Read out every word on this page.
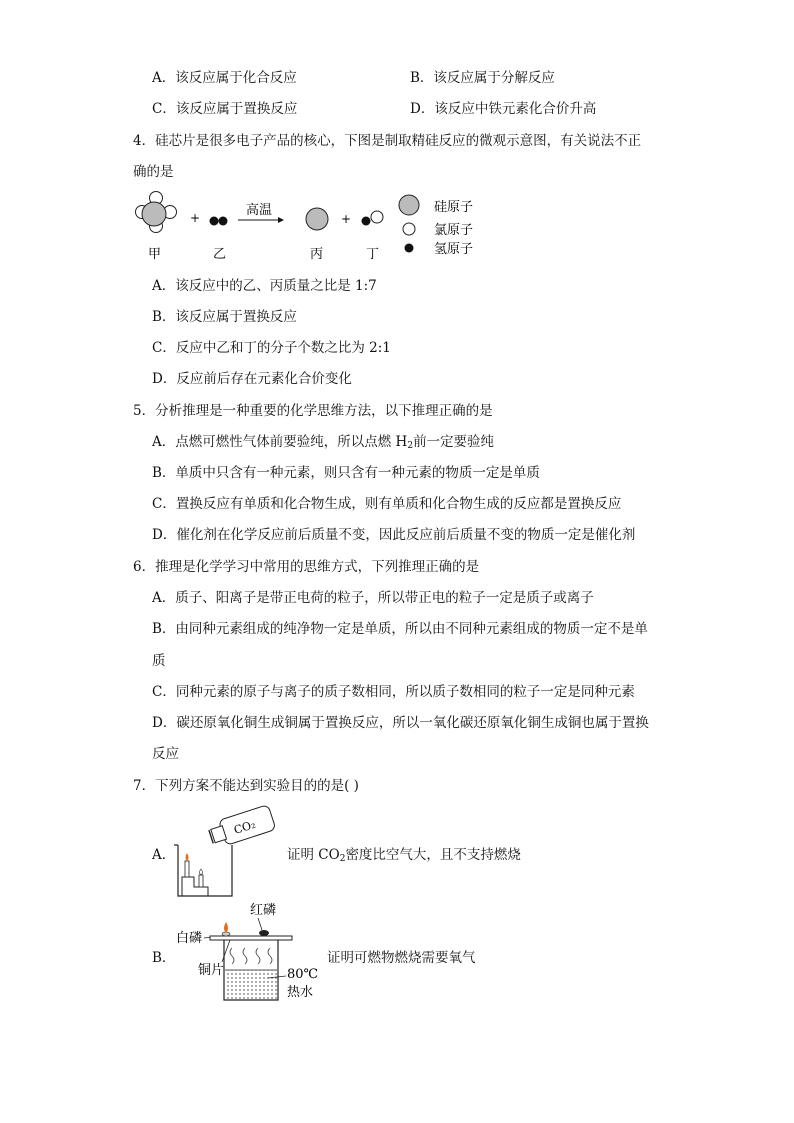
A．该反应属于化合反应	B．该反应属于分解反应
C．该反应属于置换反应	D．该反应中铁元素化合价升高
4．硅芯片是很多电子产品的核心，下图是制取精硅反应的微观示意图，有关说法不正
确的是
+	高温
+
甲	乙	丙	丁
硅原子
氯原子
氢原子
A．该反应中的乙、丙质量之比是 1:7
B．该反应属于置换反应
C．反应中乙和丁的分子个数之比为 2:1
D．反应前后存在元素化合价变化
5．分析推理是一种重要的化学思维方法，以下推理正确的是
A．点燃可燃性气体前要验纯，所以点燃 $H_2$前一定要验纯
B．单质中只含有一种元素，则只含有一种元素的物质一定是单质
C．置换反应有单质和化合物生成，则有单质和化合物生成的反应都是置换反应
D．催化剂在化学反应前后质量不变，因此反应前后质量不变的物质一定是催化剂
6．推理是化学学习中常用的思维方式，下列推理正确的是
A．质子、阳离子是带正电荷的粒子，所以带正电的粒子一定是质子或离子
B．由同种元素组成的纯净物一定是单质，所以由不同种元素组成的物质一定不是单
质
C．同种元素的原子与离子的质子数相同，所以质子数相同的粒子一定是同种元素
D．碳还原氧化铜生成铜属于置换反应，所以一氧化碳还原氧化铜生成铜也属于置换
反应
7．下列方案不能达到实验目的的是( )
A．
CO₂
证明 $CO_2$密度比空气大，且不支持燃烧
B．
红磷
白磷
铜片	80℃
热水
证明可燃物燃烧需要氧气
